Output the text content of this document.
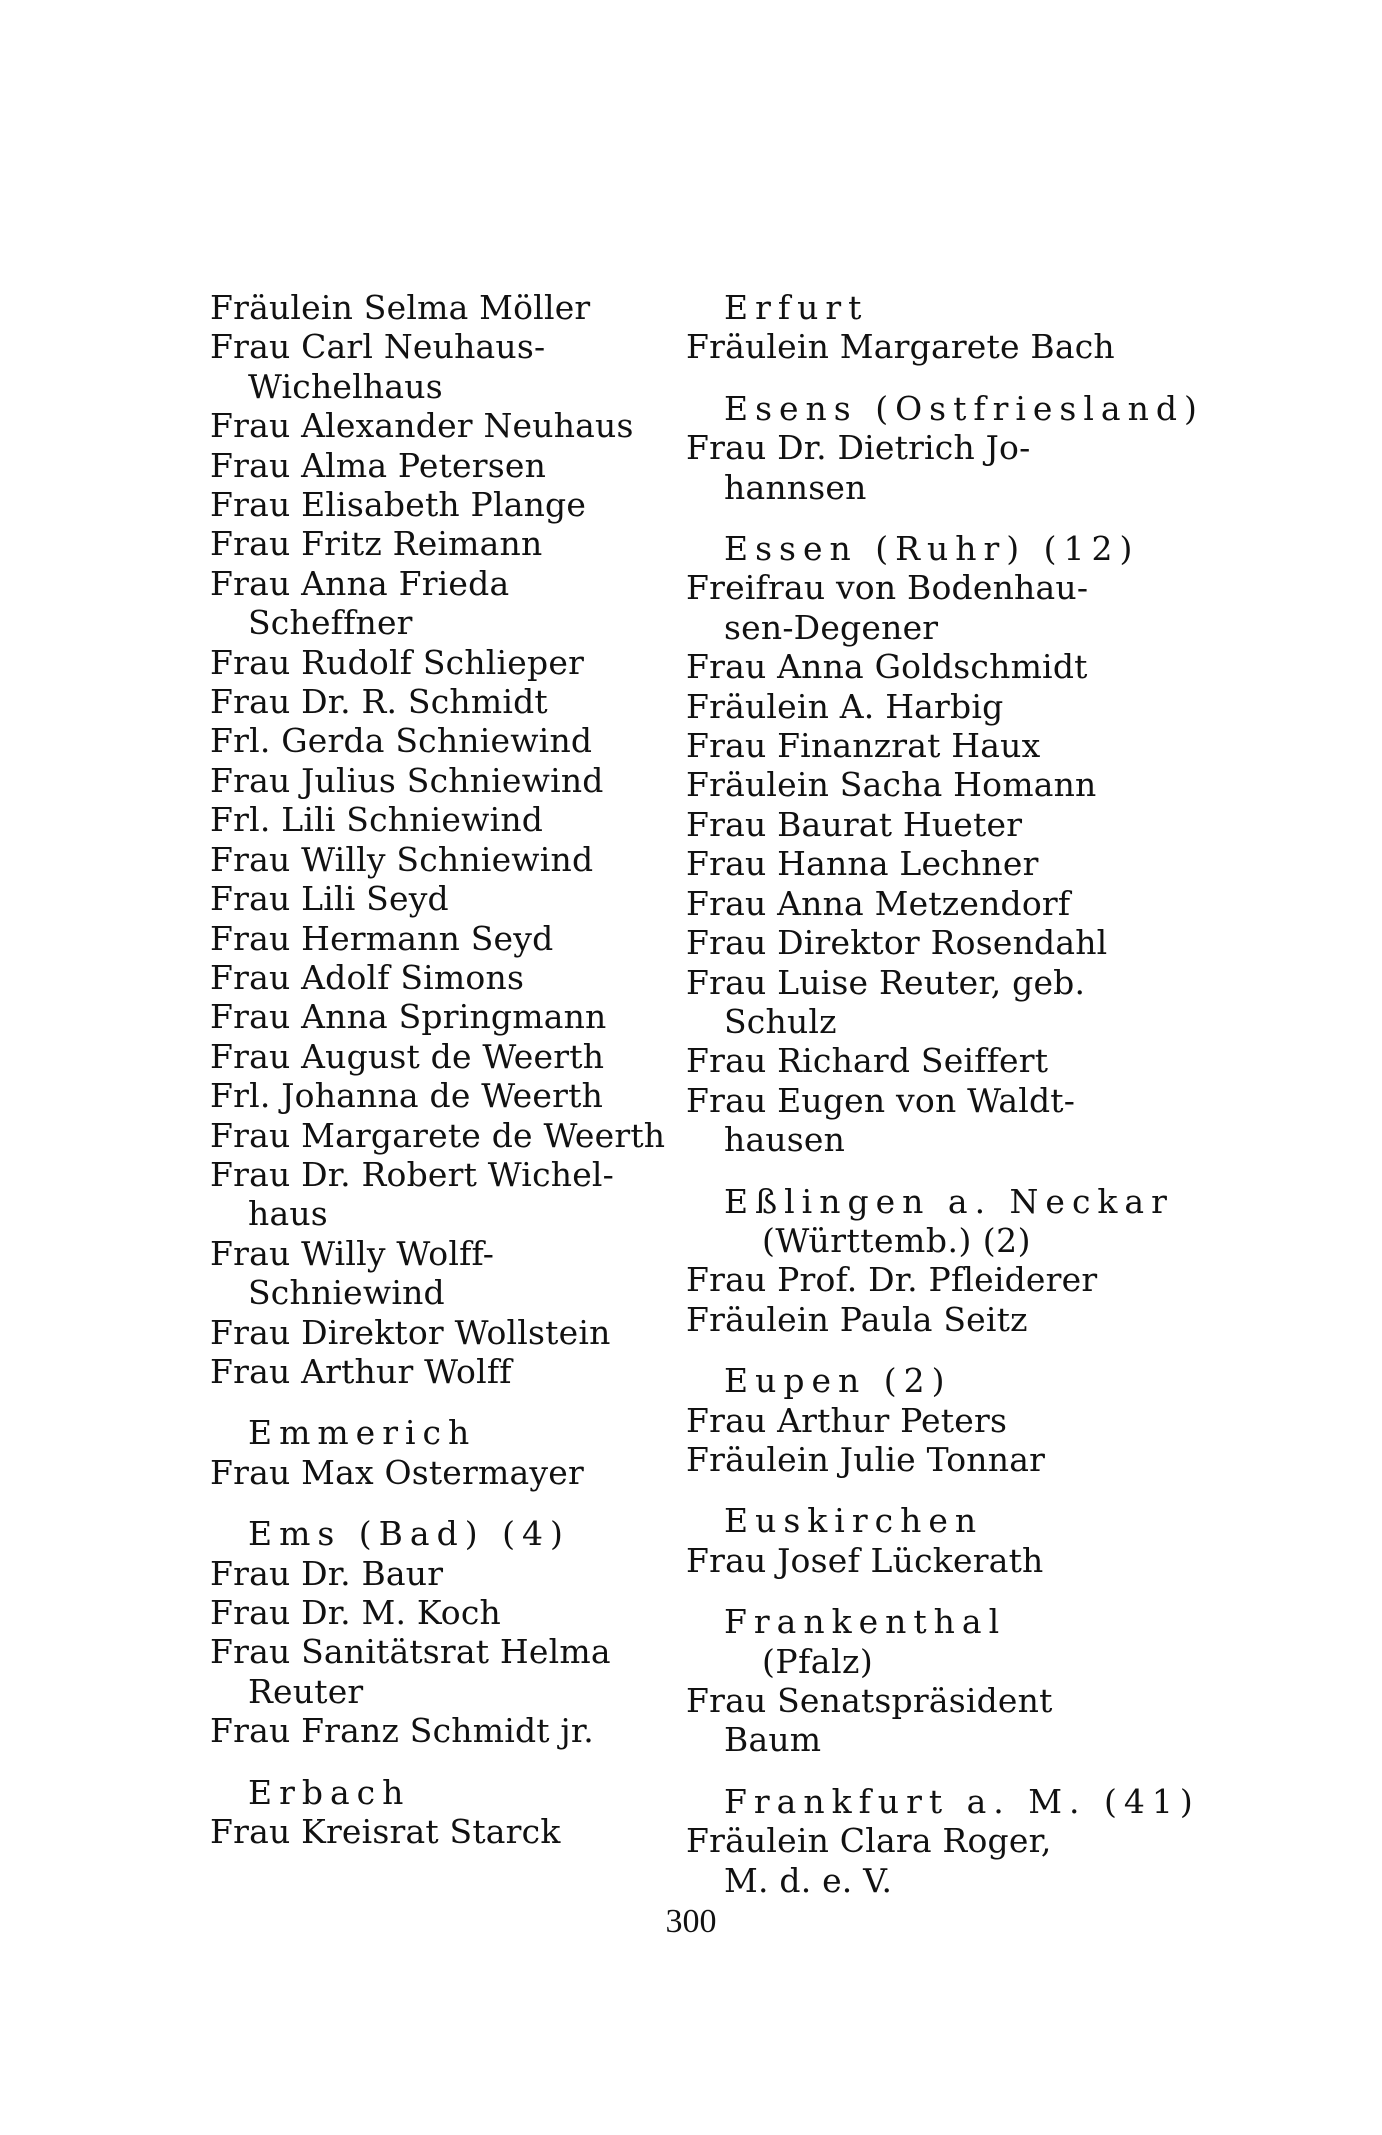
Fräulein Selma Möller
Frau Carl Neuhaus-
Wichelhaus
Frau Alexander Neuhaus
Frau Alma Petersen
Frau Elisabeth Plange
Frau Fritz Reimann
Frau Anna Frieda
Scheffner
Frau Rudolf Schlieper
Frau Dr. R. Schmidt
Frl. Gerda Schniewind
Frau Julius Schniewind
Frl. Lili Schniewind
Frau Willy Schniewind
Frau Lili Seyd
Frau Hermann Seyd
Frau Adolf Simons
Frau Anna Springmann
Frau August de Weerth
Frl. Johanna de Weerth
Frau Margarete de Weerth
Frau Dr. Robert Wichel-
haus
Frau Willy Wolff-
Schniewind
Frau Direktor Wollstein
Frau Arthur Wolff
Emmerich
Frau Max Ostermayer
Ems (Bad) (4)
Frau Dr. Baur
Frau Dr. M. Koch
Frau Sanitätsrat Helma
Reuter
Frau Franz Schmidt jr.
Erbach
Frau Kreisrat Starck
Erfurt
Fräulein Margarete Bach
Esens (Ostfriesland)
Frau Dr. Dietrich Jo-
hannsen
Essen (Ruhr) (12)
Freifrau von Bodenhau-
sen-Degener
Frau Anna Goldschmidt
Fräulein A. Harbig
Frau Finanzrat Haux
Fräulein Sacha Homann
Frau Baurat Hueter
Frau Hanna Lechner
Frau Anna Metzendorf
Frau Direktor Rosendahl
Frau Luise Reuter, geb.
Schulz
Frau Richard Seiffert
Frau Eugen von Waldt-
hausen
Eßlingen a. Neckar
(Württemb.) (2)
Frau Prof. Dr. Pfleiderer
Fräulein Paula Seitz
Eupen (2)
Frau Arthur Peters
Fräulein Julie Tonnar
Euskirchen
Frau Josef Lückerath
Frankenthal
(Pfalz)
Frau Senatspräsident
Baum
Frankfurt a. M. (41)
Fräulein Clara Roger,
M. d. e. V.
300
